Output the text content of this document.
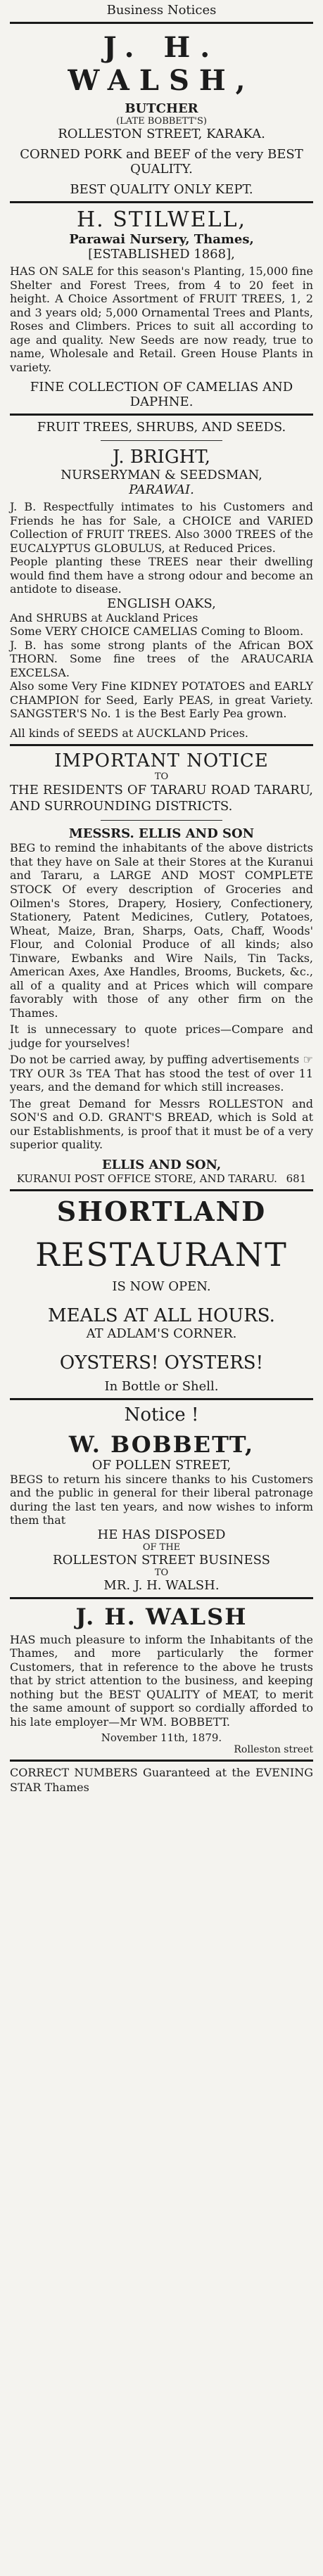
Business Notices
J. H. WALSH,
BUTCHER
(LATE BOBBETT'S)
ROLLESTON STREET, KARAKA.
CORNED PORK and BEEF of the very BEST QUALITY.
BEST QUALITY ONLY KEPT.
H. STILWELL,
Parawai Nursery, Thames,
[ESTABLISHED 1868],

HAS ON SALE for this season's Planting, 15,000 fine Shelter and Forest Trees, from 4 to 20 feet in height. A Choice Assortment of FRUIT TREES, 1, 2 and 3 years old; 5,000 Ornamental Trees and Plants, Roses and Climbers. Prices to suit all according to age and quality. New Seeds are now ready, true to name, Wholesale and Retail. Green House Plants in variety.

FINE COLLECTION OF CAMELIAS AND DAPHNE.
FRUIT TREES, SHRUBS, AND SEEDS.
J. BRIGHT,
NURSERYMAN & SEEDSMAN,
PARAWAI.

J. B. Respectfully intimates to his Customers and Friends he has for Sale, a CHOICE and VARIED Collection of FRUIT TREES. Also 3000 TREES of the EUCALYPTUS GLOBULUS, at Reduced Prices.

People planting these TREES near their dwelling would find them have a strong odour and become an antidote to disease.

ENGLISH OAKS,

And SHRUBS at Auckland Prices

Some VERY CHOICE CAMELIAS Coming to Bloom.

J. B. has some strong plants of the African BOX THORN. Some fine trees of the ARAUCARIA EXCELSA.

Also some Very Fine KIDNEY POTATOES and EARLY CHAMPION for Seed, Early PEAS, in great Variety. SANGSTER'S No. 1 is the Best Early Pea grown.

All kinds of SEEDS at AUCKLAND Prices.

IMPORTANT NOTICE
TO

THE RESIDENTS OF TARARU ROAD TARARU, AND SURROUNDING DISTRICTS.

MESSRS. ELLIS AND SON

BEG to remind the inhabitants of the above districts that they have on Sale at their Stores at the Kuranui and Tararu, a LARGE AND MOST COMPLETE STOCK Of every description of Groceries and Oilmen's Stores, Drapery, Hosiery, Confectionery, Stationery, Patent Medicines, Cutlery, Potatoes, Wheat, Maize, Bran, Sharps, Oats, Chaff, Woods' Flour, and Colonial Produce of all kinds; also Tinware, Ewbanks and Wire Nails, Tin Tacks, American Axes, Axe Handles, Brooms, Buckets, &c., all of a quality and at Prices which will compare favorably with those of any other firm on the Thames.

It is unnecessary to quote prices—Compare and judge for yourselves!

Do not be carried away, by puffing advertisements ☞ TRY OUR 3s TEA That has stood the test of over 11 years, and the demand for which still increases.

The great Demand for Messrs ROLLESTON and SON'S and O.D. GRANT'S BREAD, which is Sold at our Establishments, is proof that it must be of a very superior quality.

ELLIS AND SON,
KURANUI POST OFFICE STORE, AND TARARU. 681
SHORTLAND
RESTAURANT
IS NOW OPEN.
MEALS AT ALL HOURS.
AT ADLAM'S CORNER.
OYSTERS! OYSTERS!
In Bottle or Shell.
Notice !
W. BOBBETT,
OF POLLEN STREET,

BEGS to return his sincere thanks to his Customers and the public in general for their liberal patronage during the last ten years, and now wishes to inform them that

HE HAS DISPOSED
OF THE
ROLLESTON STREET BUSINESS
TO
MR. J. H. WALSH.
J. H. WALSH

HAS much pleasure to inform the Inhabitants of the Thames, and more particularly the former Customers, that in reference to the above he trusts that by strict attention to the business, and keeping nothing but the BEST QUALITY of MEAT, to merit the same amount of support so cordially afforded to his late employer—Mr WM. BOBBETT.

November 11th, 1879.
Rolleston street

CORRECT NUMBERS Guaranteed at the EVENING STAR Thames
